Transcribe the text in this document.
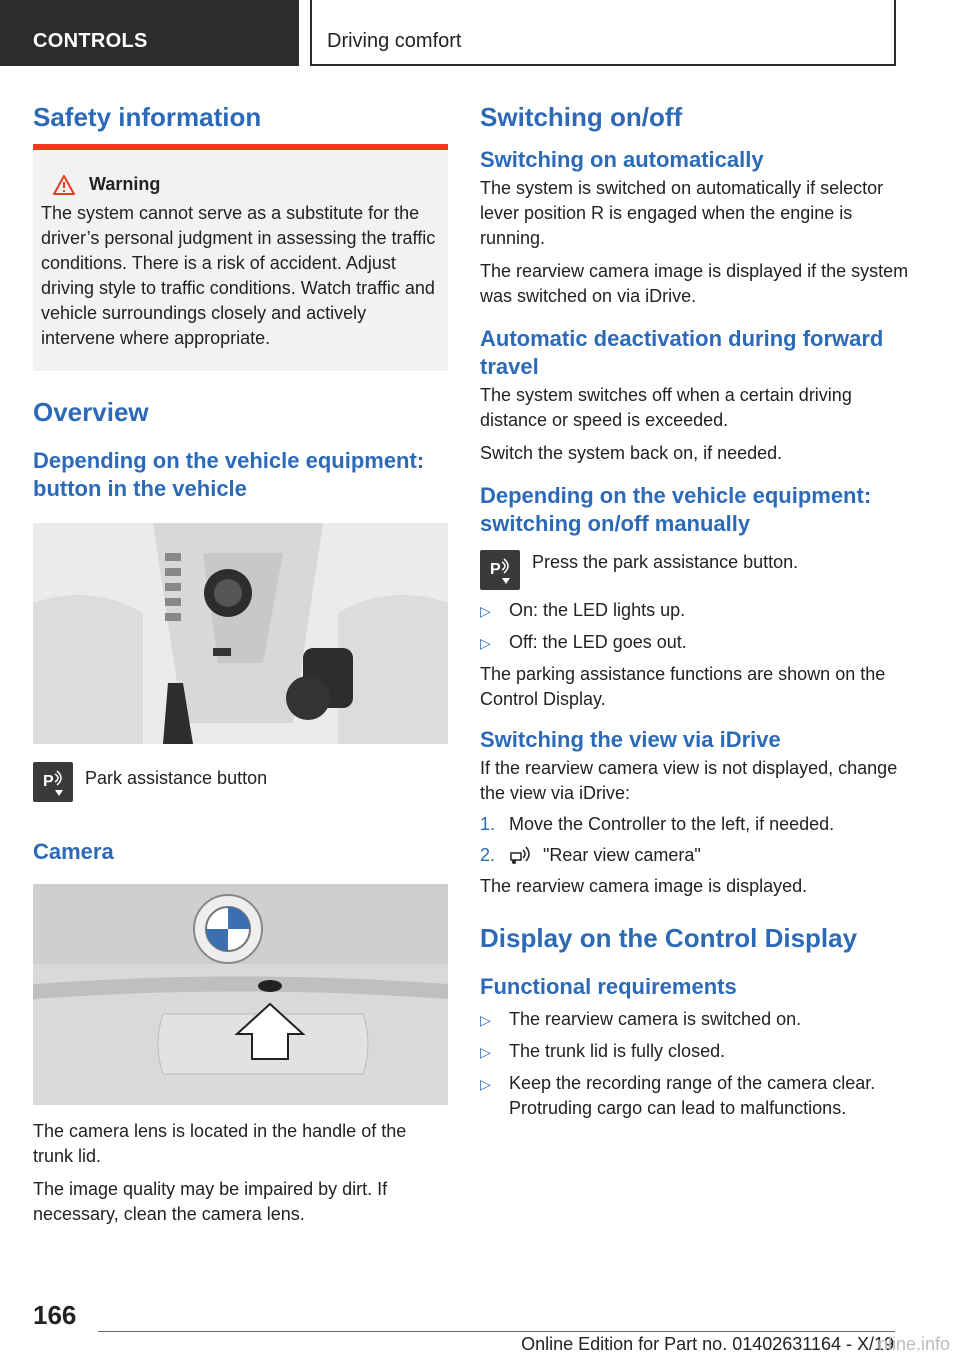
CONTROLS	Driving comfort
Safety information
Warning

The system cannot serve as a substitute for the driver’s personal judgment in assessing the traffic conditions. There is a risk of accident. Adjust driving style to traffic conditions. Watch traffic and vehicle surroundings closely and actively intervene where appropriate.

Overview
Depending on the vehicle equipment: button in the vehicle
P Park assistance button

Camera

The camera lens is located in the handle of the trunk lid.

The image quality may be impaired by dirt. If necessary, clean the camera lens.

Switching on/off
Switching on automatically

The system is switched on automatically if selector lever position R is engaged when the engine is running.

The rearview camera image is displayed if the system was switched on via iDrive.

Automatic deactivation during forward travel

The system switches off when a certain driving distance or speed is exceeded.

Switch the system back on, if needed.

Depending on the vehicle equipment: switching on/off manually
P Press the park assistance button.

▷	On: the LED lights up.
▷	Off: the LED goes out.

The parking assistance functions are shown on the Control Display.

Switching the view via iDrive

If the rearview camera view is not displayed, change the view via iDrive:

1. Move the Controller to the left, if needed.
2.	"Rear view camera"

The rearview camera image is displayed.

Display on the Control Display
Functional requirements
▷	The rearview camera is switched on.
▷	The trunk lid is fully closed.
▷	Keep the recording range of the camera clear. Protruding cargo can lead to malfunctions.
166
Online Edition for Part no. 01402631164 - X/19
nline.info
